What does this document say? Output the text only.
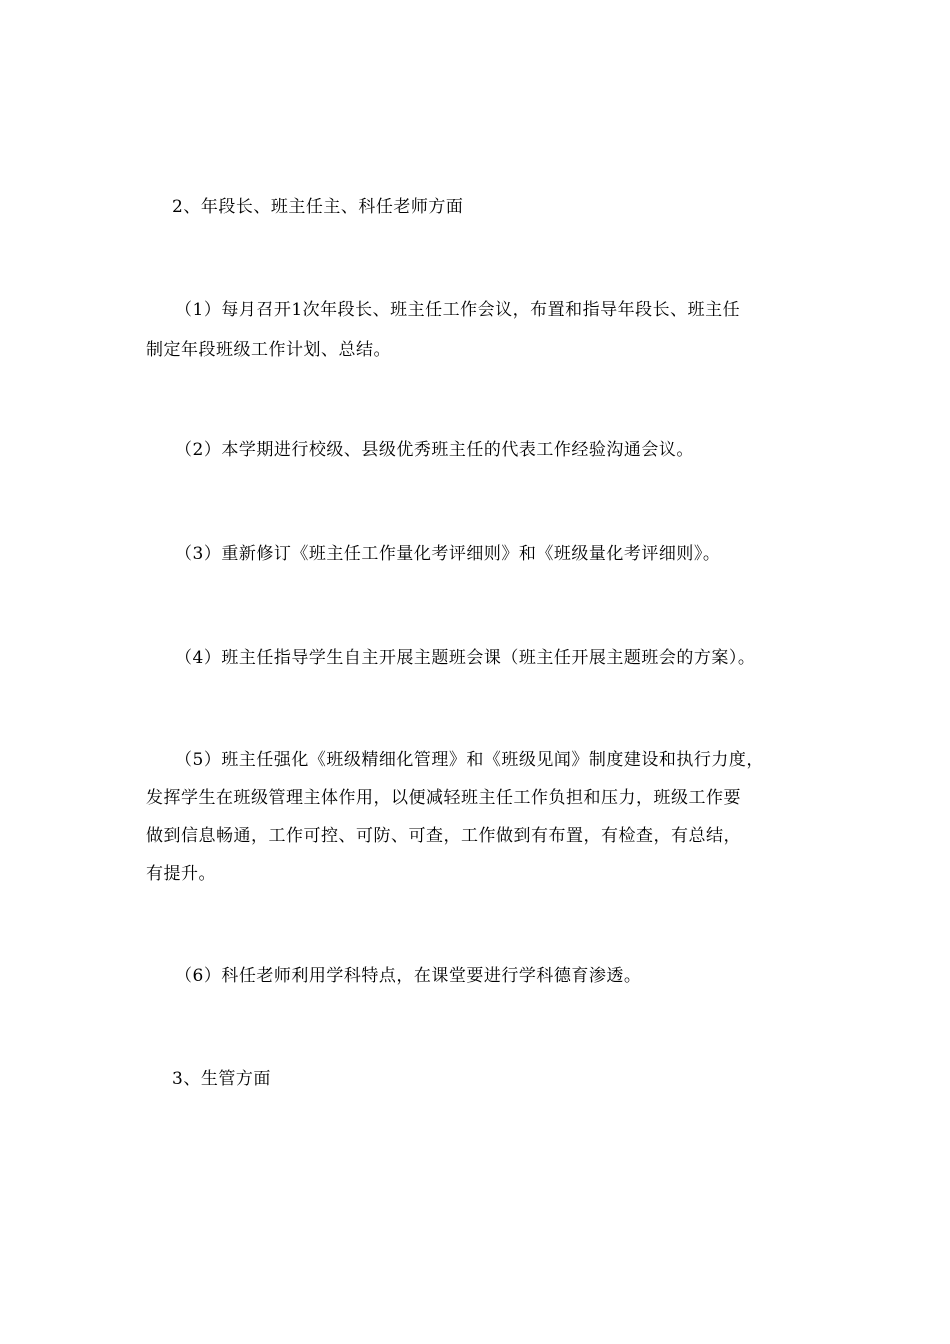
2、年段长、班主任主、科任老师方面
（1）每月召开1次年段长、班主任工作会议，布置和指导年段长、班主任
制定年段班级工作计划、总结。
（2）本学期进行校级、县级优秀班主任的代表工作经验沟通会议。
（3）重新修订《班主任工作量化考评细则》和《班级量化考评细则》。
（4）班主任指导学生自主开展主题班会课（班主任开展主题班会的方案）。
（5）班主任强化《班级精细化管理》和《班级见闻》制度建设和执行力度，
发挥学生在班级管理主体作用，以便减轻班主任工作负担和压力，班级工作要
做到信息畅通，工作可控、可防、可查，工作做到有布置，有检查，有总结，
有提升。
（6）科任老师利用学科特点，在课堂要进行学科德育渗透。
3、生管方面
